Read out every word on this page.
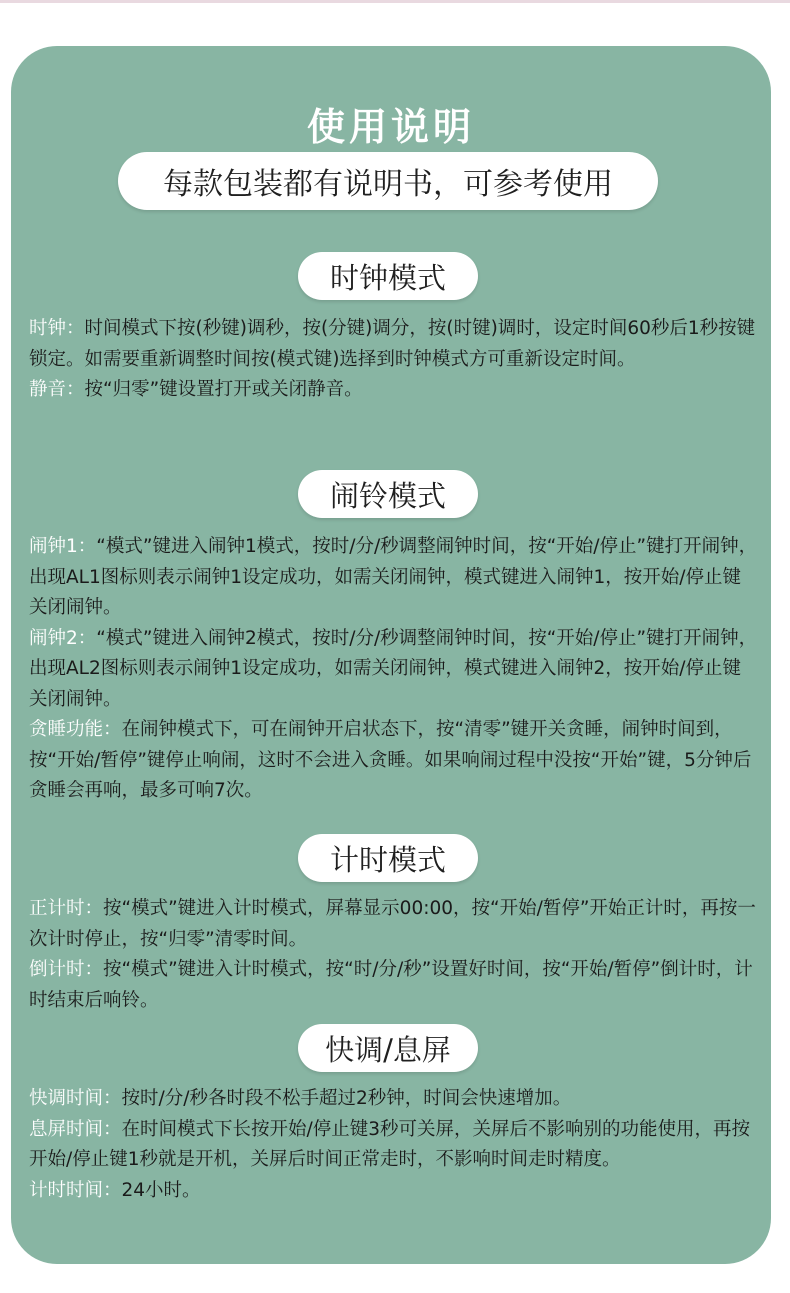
使用说明
每款包装都有说明书，可参考使用
时钟模式

时钟：时间模式下按(秒键)调秒，按(分键)调分，按(时键)调时，设定时间60秒后1秒按键锁定。如需要重新调整时间按(模式键)选择到时钟模式方可重新设定时间。

静音：按“归零”键设置打开或关闭静音。

闹铃模式

闹钟1：“模式”键进入闹钟1模式，按时/分/秒调整闹钟时间，按“开始/停止”键打开闹钟，出现AL1图标则表示闹钟1设定成功，如需关闭闹钟，模式键进入闹钟1，按开始/停止键关闭闹钟。

闹钟2：“模式”键进入闹钟2模式，按时/分/秒调整闹钟时间，按“开始/停止”键打开闹钟，出现AL2图标则表示闹钟1设定成功，如需关闭闹钟，模式键进入闹钟2，按开始/停止键关闭闹钟。

贪睡功能：在闹钟模式下，可在闹钟开启状态下，按“清零”键开关贪睡，闹钟时间到，按“开始/暂停”键停止响闹，这时不会进入贪睡。如果响闹过程中没按“开始”键，5分钟后贪睡会再响，最多可响7次。

计时模式

正计时：按“模式”键进入计时模式，屏幕显示00:00，按“开始/暂停”开始正计时，再按一次计时停止，按“归零”清零时间。

倒计时：按“模式”键进入计时模式，按“时/分/秒”设置好时间，按“开始/暂停”倒计时，计时结束后响铃。

快调/息屏

快调时间：按时/分/秒各时段不松手超过2秒钟，时间会快速增加。

息屏时间：在时间模式下长按开始/停止键3秒可关屏，关屏后不影响别的功能使用，再按开始/停止键1秒就是开机，关屏后时间正常走时，不影响时间走时精度。

计时时间：24小时。
